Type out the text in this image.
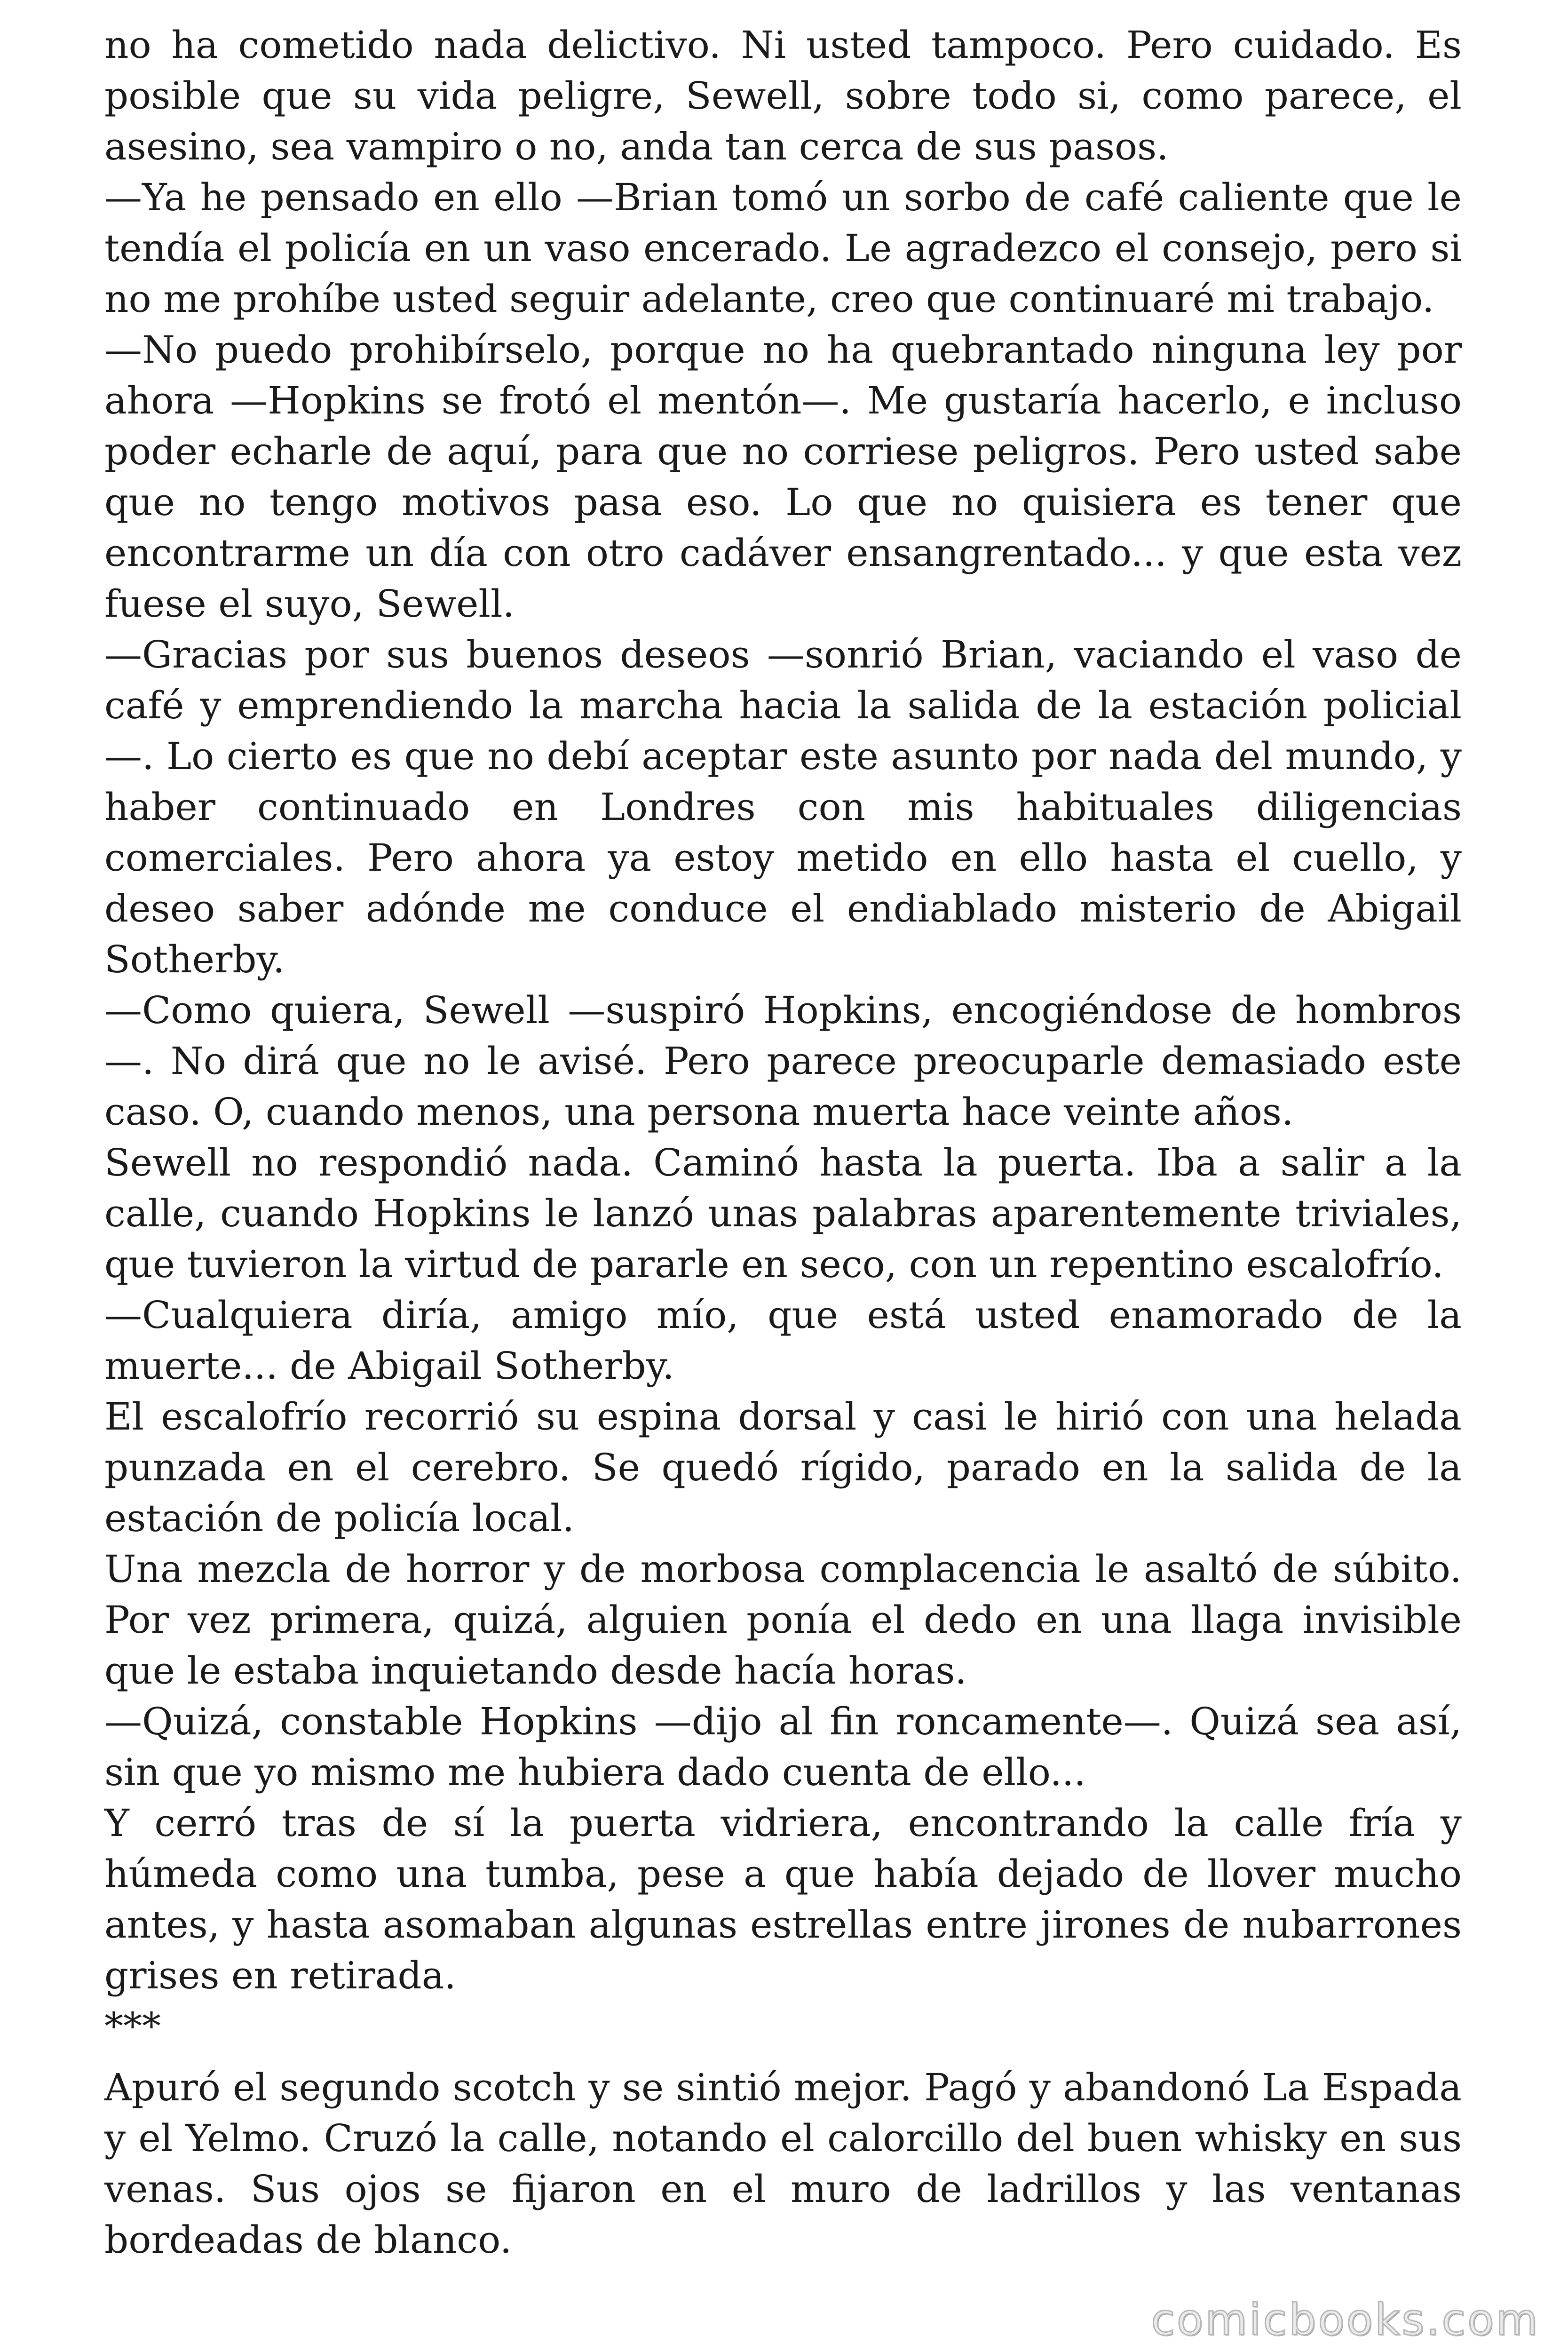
no ha cometido nada delictivo. Ni usted tampoco. Pero cuidado. Es posible que su vida peligre, Sewell, sobre todo si, como parece, el asesino, sea vampiro o no, anda tan cerca de sus pasos.

—Ya he pensado en ello —Brian tomó un sorbo de café caliente que le tendía el policía en un vaso encerado. Le agradezco el consejo, pero si no me prohíbe usted seguir adelante, creo que continuaré mi trabajo.

—No puedo prohibírselo, porque no ha quebrantado ninguna ley por ahora —Hopkins se frotó el mentón—. Me gustaría hacerlo, e incluso poder echarle de aquí, para que no corriese peligros. Pero usted sabe que no tengo motivos pasa eso. Lo que no quisiera es tener que encontrarme un día con otro cadáver ensangrentado... y que esta vez fuese el suyo, Sewell.

—Gracias por sus buenos deseos —sonrió Brian, vaciando el vaso de café y emprendiendo la marcha hacia la salida de la estación policial —. Lo cierto es que no debí aceptar este asunto por nada del mundo, y haber continuado en Londres con mis habituales diligencias comerciales. Pero ahora ya estoy metido en ello hasta el cuello, y deseo saber adónde me conduce el endiablado misterio de Abigail Sotherby.

—Como quiera, Sewell —suspiró Hopkins, encogiéndose de hombros —. No dirá que no le avisé. Pero parece preocuparle demasiado este caso. O, cuando menos, una persona muerta hace veinte años.

Sewell no respondió nada. Caminó hasta la puerta. Iba a salir a la calle, cuando Hopkins le lanzó unas palabras aparentemente triviales, que tuvieron la virtud de pararle en seco, con un repentino escalofrío.

—Cualquiera diría, amigo mío, que está usted enamorado de la muerte... de Abigail Sotherby.

El escalofrío recorrió su espina dorsal y casi le hirió con una helada punzada en el cerebro. Se quedó rígido, parado en la salida de la estación de policía local.

Una mezcla de horror y de morbosa complacencia le asaltó de súbito. Por vez primera, quizá, alguien ponía el dedo en una llaga invisible que le estaba inquietando desde hacía horas.

—Quizá, constable Hopkins —dijo al fin roncamente—. Quizá sea así, sin que yo mismo me hubiera dado cuenta de ello...

Y cerró tras de sí la puerta vidriera, encontrando la calle fría y húmeda como una tumba, pese a que había dejado de llover mucho antes, y hasta asomaban algunas estrellas entre jirones de nubarrones grises en retirada.

***

Apuró el segundo scotch y se sintió mejor. Pagó y abandonó La Espada y el Yelmo. Cruzó la calle, notando el calorcillo del buen whisky en sus venas. Sus ojos se fijaron en el muro de ladrillos y las ventanas bordeadas de blanco.

comicbooks.com
